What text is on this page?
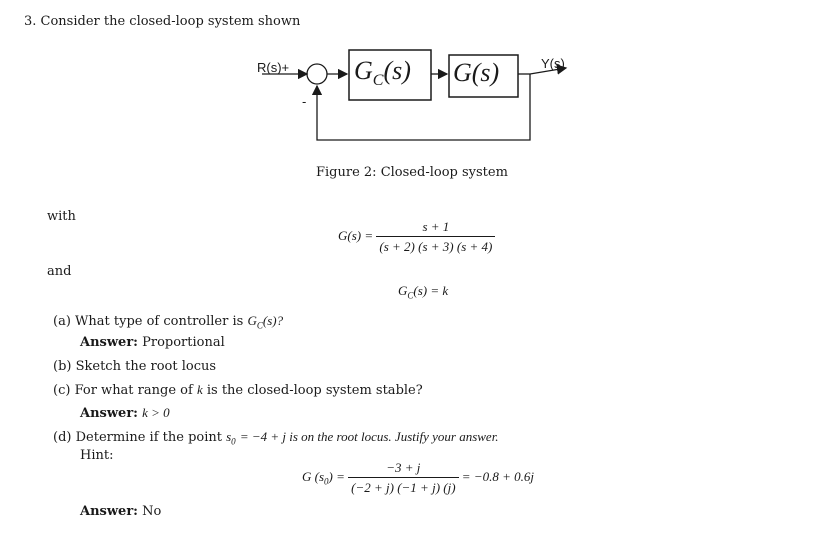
3. Consider the closed-loop system shown
R(s)+
-
$G_C(s)$ G(s)	Y(s)
Figure 2: Closed-loop system
with
and
$G(s) = \frac{s + 1}{(s + 2) (s + 3) (s + 4)}$
$G_C(s) = k$
(a) What type of controller is $G_C(s)$?
Answer: Proportional
(b) Sketch the root locus
(c) For what range of k is the closed-loop system stable?
Answer: k > 0
(d) Determine if the point $s_0 = -4 + j$ is on the root locus. Justify your answer.
Hint:
G $(s_0) = \frac{-3 + j}{(-2 + j) (-1 + j) (j)} = -0.8 + 0.6j$
Answer: No
